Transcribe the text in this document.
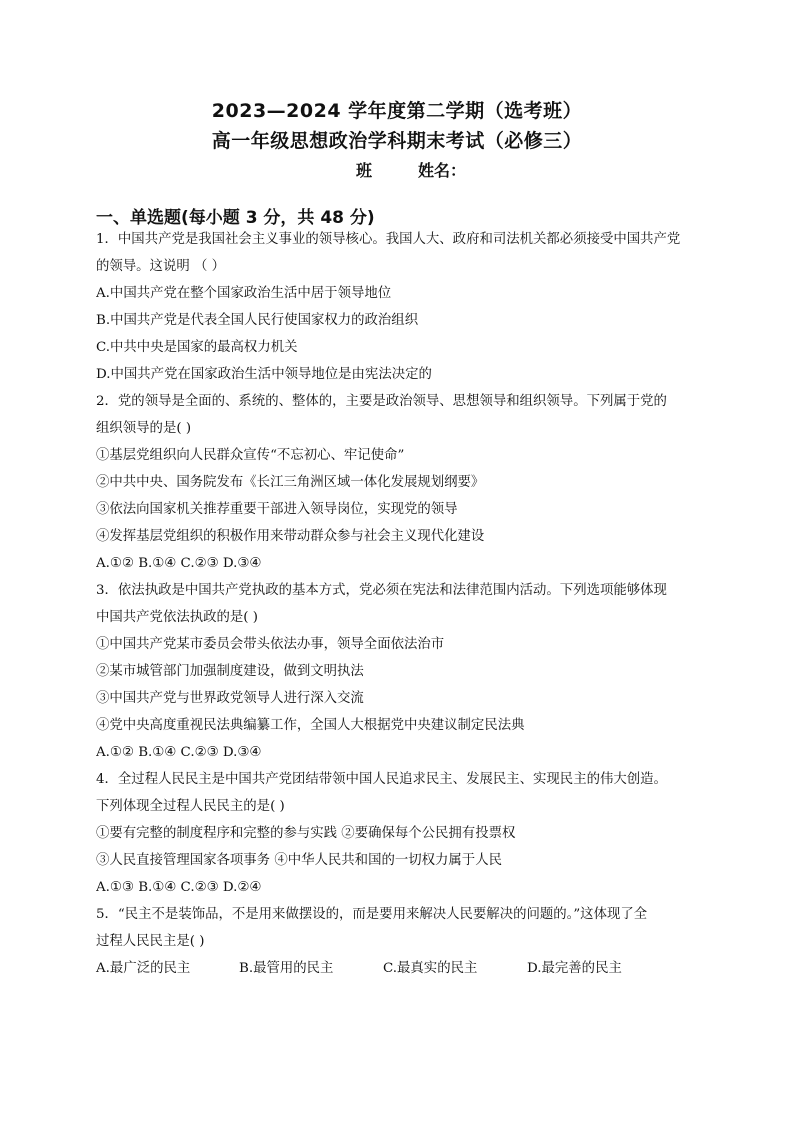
2023—2024 学年度第二学期（选考班）
高一年级思想政治学科期末考试（必修三）
班	姓名：
一、单选题(每小题 3 分，共 48 分)
1．中国共产党是我国社会主义事业的领导核心。我国人大、政府和司法机关都必须接受中国共产党
的领导。这说明 （ ）
A.中国共产党在整个国家政治生活中居于领导地位
B.中国共产党是代表全国人民行使国家权力的政治组织
C.中共中央是国家的最高权力机关
D.中国共产党在国家政治生活中领导地位是由宪法决定的
2．党的领导是全面的、系统的、整体的，主要是政治领导、思想领导和组织领导。下列属于党的
组织领导的是( )
①基层党组织向人民群众宣传“不忘初心、牢记使命”
②中共中央、国务院发布《长江三角洲区域一体化发展规划纲要》
③依法向国家机关推荐重要干部进入领导岗位，实现党的领导
④发挥基层党组织的积极作用来带动群众参与社会主义现代化建设
A.①② B.①④ C.②③ D.③④
3．依法执政是中国共产党执政的基本方式，党必须在宪法和法律范围内活动。下列选项能够体现
中国共产党依法执政的是( )
①中国共产党某市委员会带头依法办事，领导全面依法治市
②某市城管部门加强制度建设，做到文明执法
③中国共产党与世界政党领导人进行深入交流
④党中央高度重视民法典编纂工作，全国人大根据党中央建议制定民法典
A.①② B.①④ C.②③ D.③④
4．全过程人民民主是中国共产党团结带领中国人民追求民主、发展民主、实现民主的伟大创造。
下列体现全过程人民民主的是( )
①要有完整的制度程序和完整的参与实践 ②要确保每个公民拥有投票权
③人民直接管理国家各项事务 ④中华人民共和国的一切权力属于人民
A.①③ B.①④ C.②③ D.②④
5．“民主不是装饰品，不是用来做摆设的，而是要用来解决人民要解决的问题的。”这体现了全
过程人民民主是( )
A.最广泛的民主	B.最管用的民主	C.最真实的民主	D.最完善的民主
